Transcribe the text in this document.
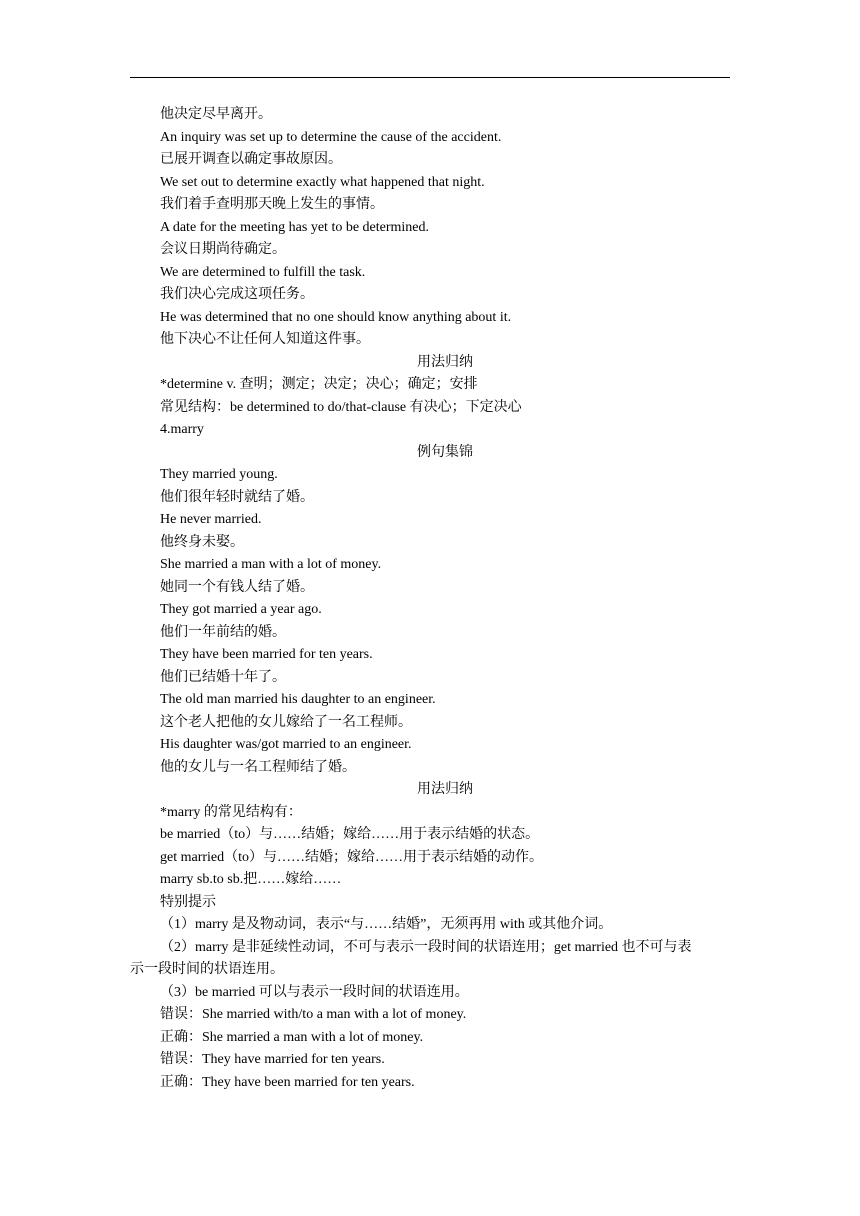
他决定尽早离开。
An inquiry was set up to determine the cause of the accident.
已展开调查以确定事故原因。
We set out to determine exactly what happened that night.
我们着手查明那天晚上发生的事情。
A date for the meeting has yet to be determined.
会议日期尚待确定。
We are determined to fulfill the task.
我们决心完成这项任务。
He was determined that no one should know anything about it.
他下决心不让任何人知道这件事。
用法归纳
*determine v. 查明；测定；决定；决心；确定；安排
常见结构：be determined to do/that-clause 有决心；下定决心
4.marry
例句集锦
They married young.
他们很年轻时就结了婚。
He never married.
他终身未娶。
She married a man with a lot of money.
她同一个有钱人结了婚。
They got married a year ago.
他们一年前结的婚。
They have been married for ten years.
他们已结婚十年了。
The old man married his daughter to an engineer.
这个老人把他的女儿嫁给了一名工程师。
His daughter was/got married to an engineer.
他的女儿与一名工程师结了婚。
用法归纳
*marry 的常见结构有：
be married（to）与……结婚；嫁给……用于表示结婚的状态。
get married（to）与……结婚；嫁给……用于表示结婚的动作。
marry sb.to sb.把……嫁给……
特别提示
（1）marry 是及物动词，表示“与……结婚”，无须再用 with 或其他介词。
（2）marry 是非延续性动词，不可与表示一段时间的状语连用；get married 也不可与表
示一段时间的状语连用。
（3）be married 可以与表示一段时间的状语连用。
错误：She married with/to a man with a lot of money.
正确：She married a man with a lot of money.
错误：They have married for ten years.
正确：They have been married for ten years.
